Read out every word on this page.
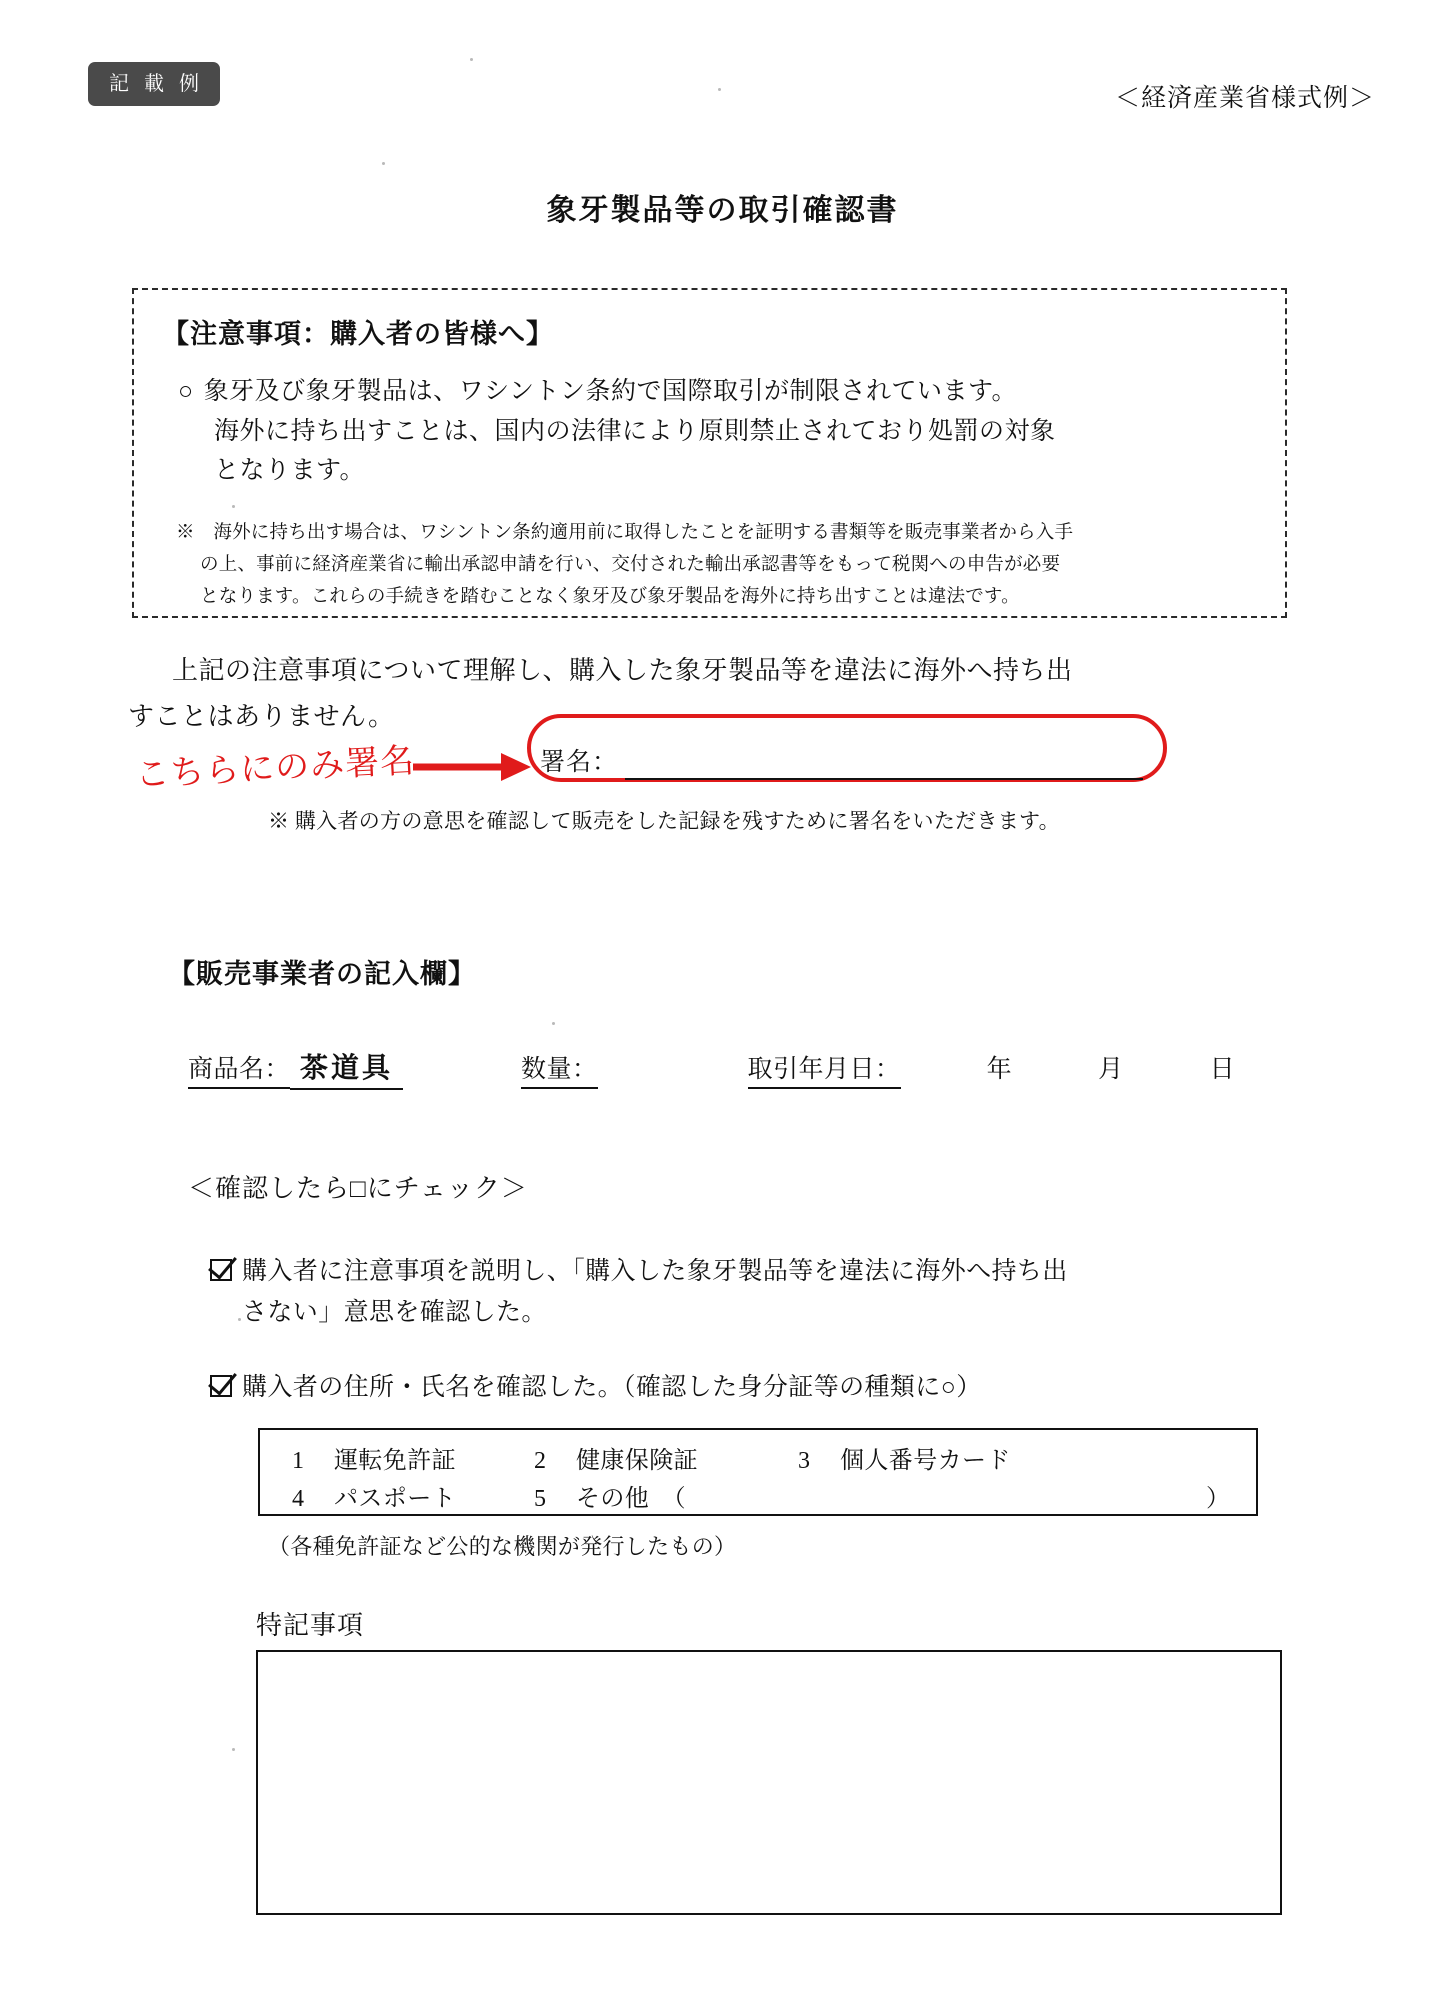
記 載 例
＜経済産業省様式例＞
象牙製品等の取引確認書
【注意事項：購入者の皆様へ】
○ 象牙及び象牙製品は、ワシントン条約で国際取引が制限されています。
海外に持ち出すことは、国内の法律により原則禁止されており処罰の対象
となります。
※　海外に持ち出す場合は、ワシントン条約適用前に取得したことを証明する書類等を販売事業者から入手
の上、事前に経済産業省に輸出承認申請を行い、交付された輸出承認書等をもって税関への申告が必要
となります。これらの手続きを踏むことなく象牙及び象牙製品を海外に持ち出すことは違法です。
上記の注意事項について理解し、購入した象牙製品等を違法に海外へ持ち出
すことはありません。
こちらにのみ署名	署名：
※ 購入者の方の意思を確認して販売をした記録を残すために署名をいただきます。
【販売事業者の記入欄】
商品名： 茶道具	数量：	取引年月日：	年	月	日
＜確認したら□にチェック＞
購入者に注意事項を説明し、「購入した象牙製品等を違法に海外へ持ち出
さない」意思を確認した。
購入者の住所・氏名を確認した。（確認した身分証等の種類に○）
1 運転免許証	2 健康保険証	3 個人番号カード
4 パスポート	5 その他　（	）
（各種免許証など公的な機関が発行したもの）
特記事項
